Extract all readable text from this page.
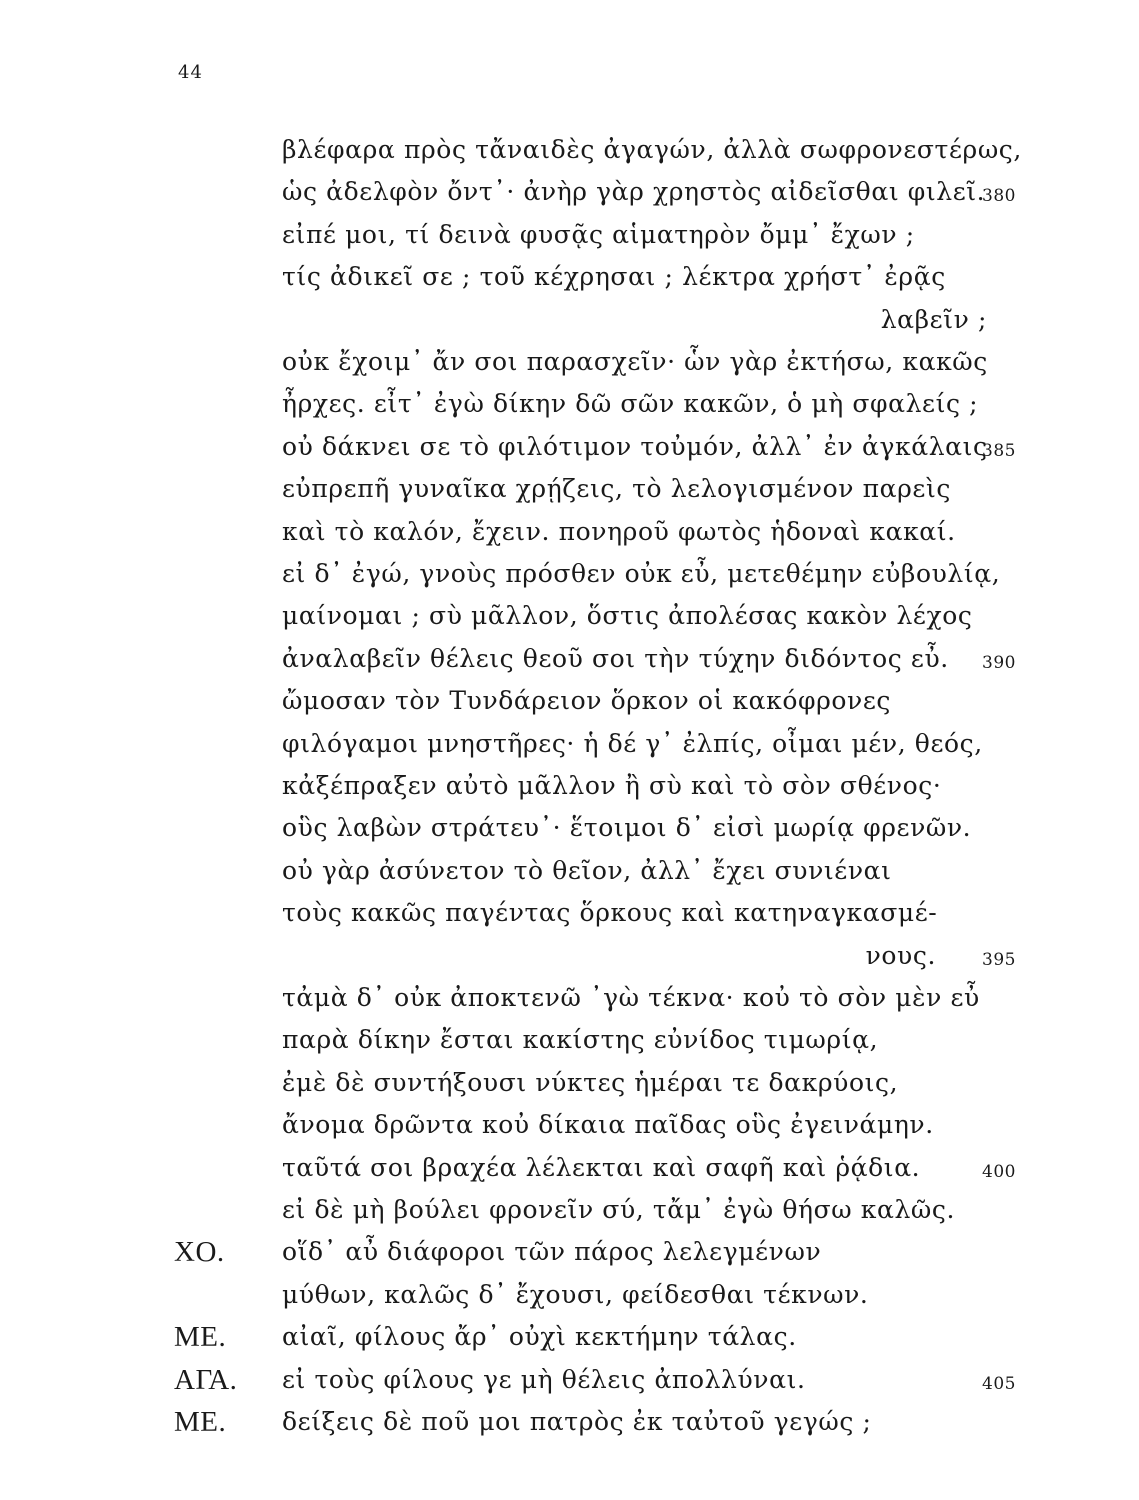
44
βλέφαρα πρὸς τἄναιδὲς ἀγαγών, ἀλλὰ σωφρονεστέρως,
ὡς ἀδελφὸν ὄντ᾽· ἀνὴρ γὰρ χρηστὸς αἰδεῖσθαι φιλεῖ.
380
εἰπέ μοι, τί δεινὰ φυσᾷς αἱματηρὸν ὄμμ᾽ ἔχων ;
τίς ἀδικεῖ σε ; τοῦ κέχρησαι ; λέκτρα χρήστ᾽ ἐρᾷς
λαβεῖν ;
οὐκ ἔχοιμ᾽ ἄν σοι παρασχεῖν· ὧν γὰρ ἐκτήσω, κακῶς
ἦρχες. εἶτ᾽ ἐγὼ δίκην δῶ σῶν κακῶν, ὁ μὴ σφαλείς ;
οὐ δάκνει σε τὸ φιλότιμον τοὐμόν, ἀλλ᾽ ἐν ἀγκάλαις
385
εὐπρεπῆ γυναῖκα χρῄζεις, τὸ λελογισμένον παρεὶς
καὶ τὸ καλόν, ἔχειν. πονηροῦ φωτὸς ἡδοναὶ κακαί.
εἰ δ᾽ ἐγώ, γνοὺς πρόσθεν οὐκ εὖ, μετεθέμην εὐβουλίᾳ,
μαίνομαι ; σὺ μᾶλλον, ὅστις ἀπολέσας κακὸν λέχος
ἀναλαβεῖν θέλεις θεοῦ σοι τὴν τύχην διδόντος εὖ. 390
ὤμοσαν τὸν Τυνδάρειον ὅρκον οἱ κακόφρονες
φιλόγαμοι μνηστῆρες· ἡ δέ γ᾽ ἐλπίς, οἶμαι μέν, θεός,
κἀξέπραξεν αὐτὸ μᾶλλον ἢ σὺ καὶ τὸ σὸν σθένος·
οὓς λαβὼν στράτευ᾽· ἕτοιμοι δ᾽ εἰσὶ μωρίᾳ φρενῶν.
οὐ γὰρ ἀσύνετον τὸ θεῖον, ἀλλ᾽ ἔχει συνιέναι
τοὺς κακῶς παγέντας ὅρκους καὶ κατηναγκασμέ-
νους.	395
τἀμὰ δ᾽ οὐκ ἀποκτενῶ ᾽γὼ τέκνα· κοὐ τὸ σὸν μὲν εὖ
παρὰ δίκην ἔσται κακίστης εὐνίδος τιμωρίᾳ,
ἐμὲ δὲ συντήξουσι νύκτες ἡμέραι τε δακρύοις,
ἄνομα δρῶντα κοὐ δίκαια παῖδας οὓς ἐγεινάμην.
ταῦτά σοι βραχέα λέλεκται καὶ σαφῆ καὶ ῥᾴδια.	400
εἰ δὲ μὴ βούλει φρονεῖν σύ, τἄμ᾽ ἐγὼ θήσω καλῶς.
ΧΟ. οἵδ᾽ αὖ διάφοροι τῶν πάρος λελεγμένων
μύθων, καλῶς δ᾽ ἔχουσι, φείδεσθαι τέκνων.
ΜΕ. αἰαῖ, φίλους ἄρ᾽ οὐχὶ κεκτήμην τάλας.
ΑΓΑ. εἰ τοὺς φίλους γε μὴ θέλεις ἀπολλύναι.	405
ΜΕ. δείξεις δὲ ποῦ μοι πατρὸς ἐκ ταὐτοῦ γεγώς ;
